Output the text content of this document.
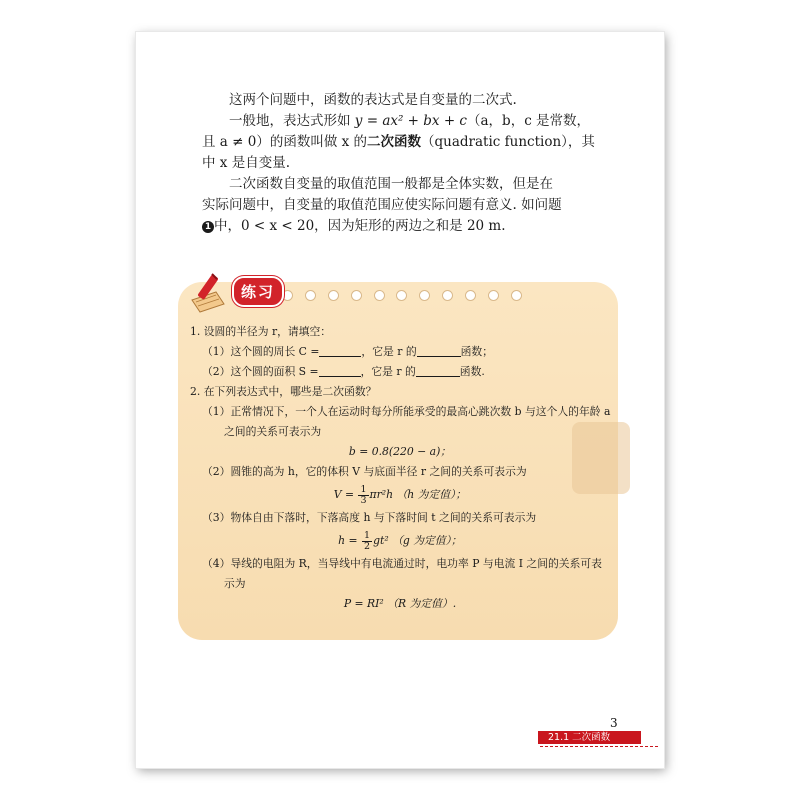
这两个问题中，函数的表达式是自变量的二次式.

一般地，表达式形如 y = ax² + bx + c（a，b，c 是常数，

且 a ≠ 0）的函数叫做 x 的二次函数（quadratic function），其

中 x 是自变量.

二次函数自变量的取值范围一般都是全体实数，但是在

实际问题中，自变量的取值范围应使实际问题有意义. 如问题

1 中，0 < x < 20，因为矩形的两边之和是 20 m.

练习

1. 设圆的半径为 r，请填空：

（1）这个圆的周长 C =	，它是 r 的	函数；

（2）这个圆的面积 S =	，它是 r 的	函数.

2. 在下列表达式中，哪些是二次函数？

（1）正常情况下，一个人在运动时每分所能承受的最高心跳次数 b 与这个人的年龄 a

之间的关系可表示为

b = 0.8(220 − a)；

（2）圆锥的高为 h，它的体积 V 与底面半径 r 之间的关系可表示为

$V = \frac{1}{3} \pi r^2h$ （h 为定值）；

（3）物体自由下落时，下落高度 h 与下落时间 t 之间的关系可表示为

$h = \frac{1}{2} gt^2$ （g 为定值）；

（4）导线的电阻为 R，当导线中有电流通过时，电功率 P 与电流 I 之间的关系可表

示为

P = RI² （R 为定值）.

3
21.1 二次函数
